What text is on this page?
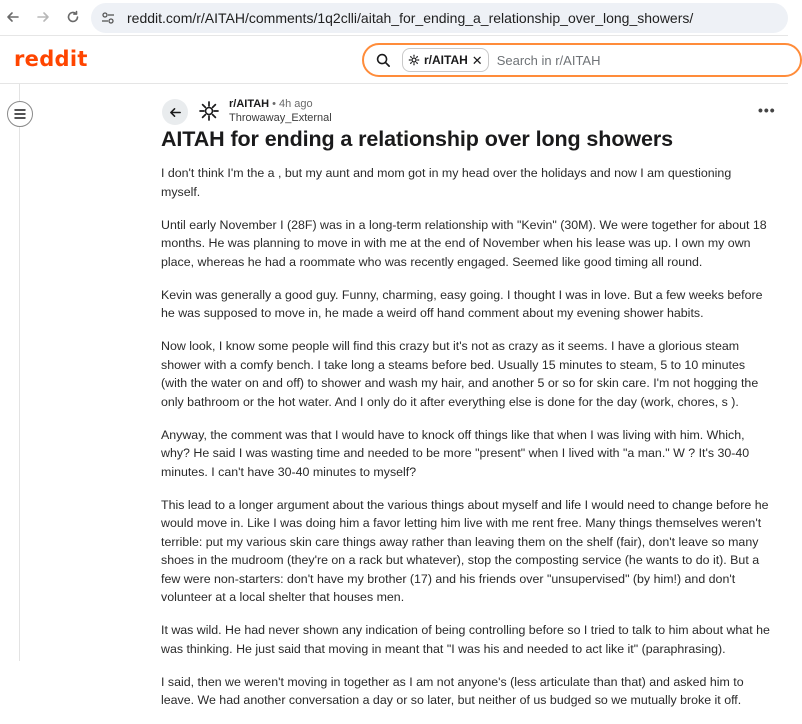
reddit.com/r/AITAH/comments/1q2clli/aitah_for_ending_a_relationship_over_long_showers/
reddit	r/AITAH ✕ Search in r/AITAH
r/AITAH • 4h ago
Throwaway_External	•••
AITAH for ending a relationship over long showers

I don't think I'm the a , but my aunt and mom got in my head over the holidays and now I am questioning myself.

Until early November I (28F) was in a long-term relationship with "Kevin" (30M). We were together for about 18 months. He was planning to move in with me at the end of November when his lease was up. I own my own place, whereas he had a roommate who was recently engaged. Seemed like good timing all round.

Kevin was generally a good guy. Funny, charming, easy going. I thought I was in love. But a few weeks before he was supposed to move in, he made a weird off hand comment about my evening shower habits.

Now look, I know some people will find this crazy but it's not as crazy as it seems. I have a glorious steam shower with a comfy bench. I take long a steams before bed. Usually 15 minutes to steam, 5 to 10 minutes (with the water on and off) to shower and wash my hair, and another 5 or so for skin care. I'm not hogging the only bathroom or the hot water. And I only do it after everything else is done for the day (work, chores, s ).

Anyway, the comment was that I would have to knock off things like that when I was living with him. Which, why? He said I was wasting time and needed to be more "present" when I lived with "a man." W ? It's 30-40 minutes. I can't have 30-40 minutes to myself?

This lead to a longer argument about the various things about myself and life I would need to change before he would move in. Like I was doing him a favor letting him live with me rent free. Many things themselves weren't terrible: put my various skin care things away rather than leaving them on the shelf (fair), don't leave so many shoes in the mudroom (they're on a rack but whatever), stop the composting service (he wants to do it). But a few were non-starters: don't have my brother (17) and his friends over "unsupervised" (by him!) and don't volunteer at a local shelter that houses men.

It was wild. He had never shown any indication of being controlling before so I tried to talk to him about what he was thinking. He just said that moving in meant that "I was his and needed to act like it" (paraphrasing).

I said, then we weren't moving in together as I am not anyone's (less articulate than that) and asked him to leave. We had another conversation a day or so later, but neither of us budged so we mutually broke it off.
